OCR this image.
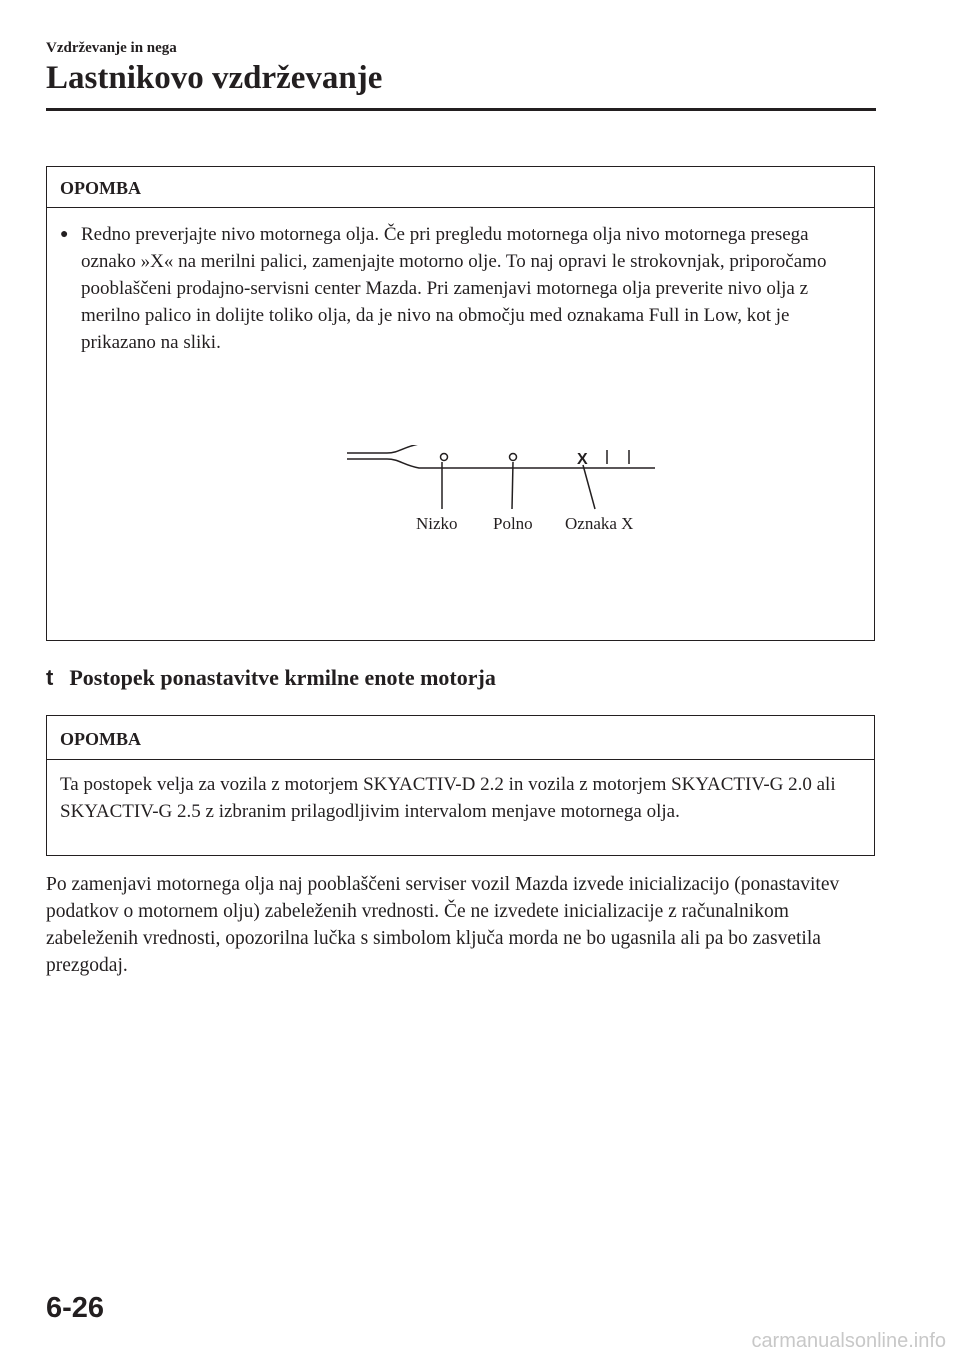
Vzdrževanje in nega
Lastnikovo vzdrževanje
OPOMBA
● Redno preverjajte nivo motornega olja. Če pri pregledu motornega olja nivo motornega presega oznako »X« na merilni palici, zamenjajte motorno olje. To naj opravi le strokovnjak, priporočamo pooblaščeni prodajno-servisni center Mazda. Pri zamenjavi motornega olja preverite nivo olja z merilno palico in dolijte toliko olja, da je nivo na območju med oznakama Full in Low, kot je prikazano na sliki.
X
Nizko Polno Oznaka X
t Postopek ponastavitve krmilne enote motorja
OPOMBA
Ta postopek velja za vozila z motorjem SKYACTIV-D 2.2 in vozila z motorjem SKYACTIV-G 2.0 ali SKYACTIV-G 2.5 z izbranim prilagodljivim intervalom menjave motornega olja.

Po zamenjavi motornega olja naj pooblaščeni serviser vozil Mazda izvede inicializacijo (ponastavitev podatkov o motornem olju) zabeleženih vrednosti. Če ne izvedete inicializacije z računalnikom zabeleženih vrednosti, opozorilna lučka s simbolom ključa morda ne bo ugasnila ali pa bo zasvetila prezgodaj.

6-26
carmanualsonline.info
